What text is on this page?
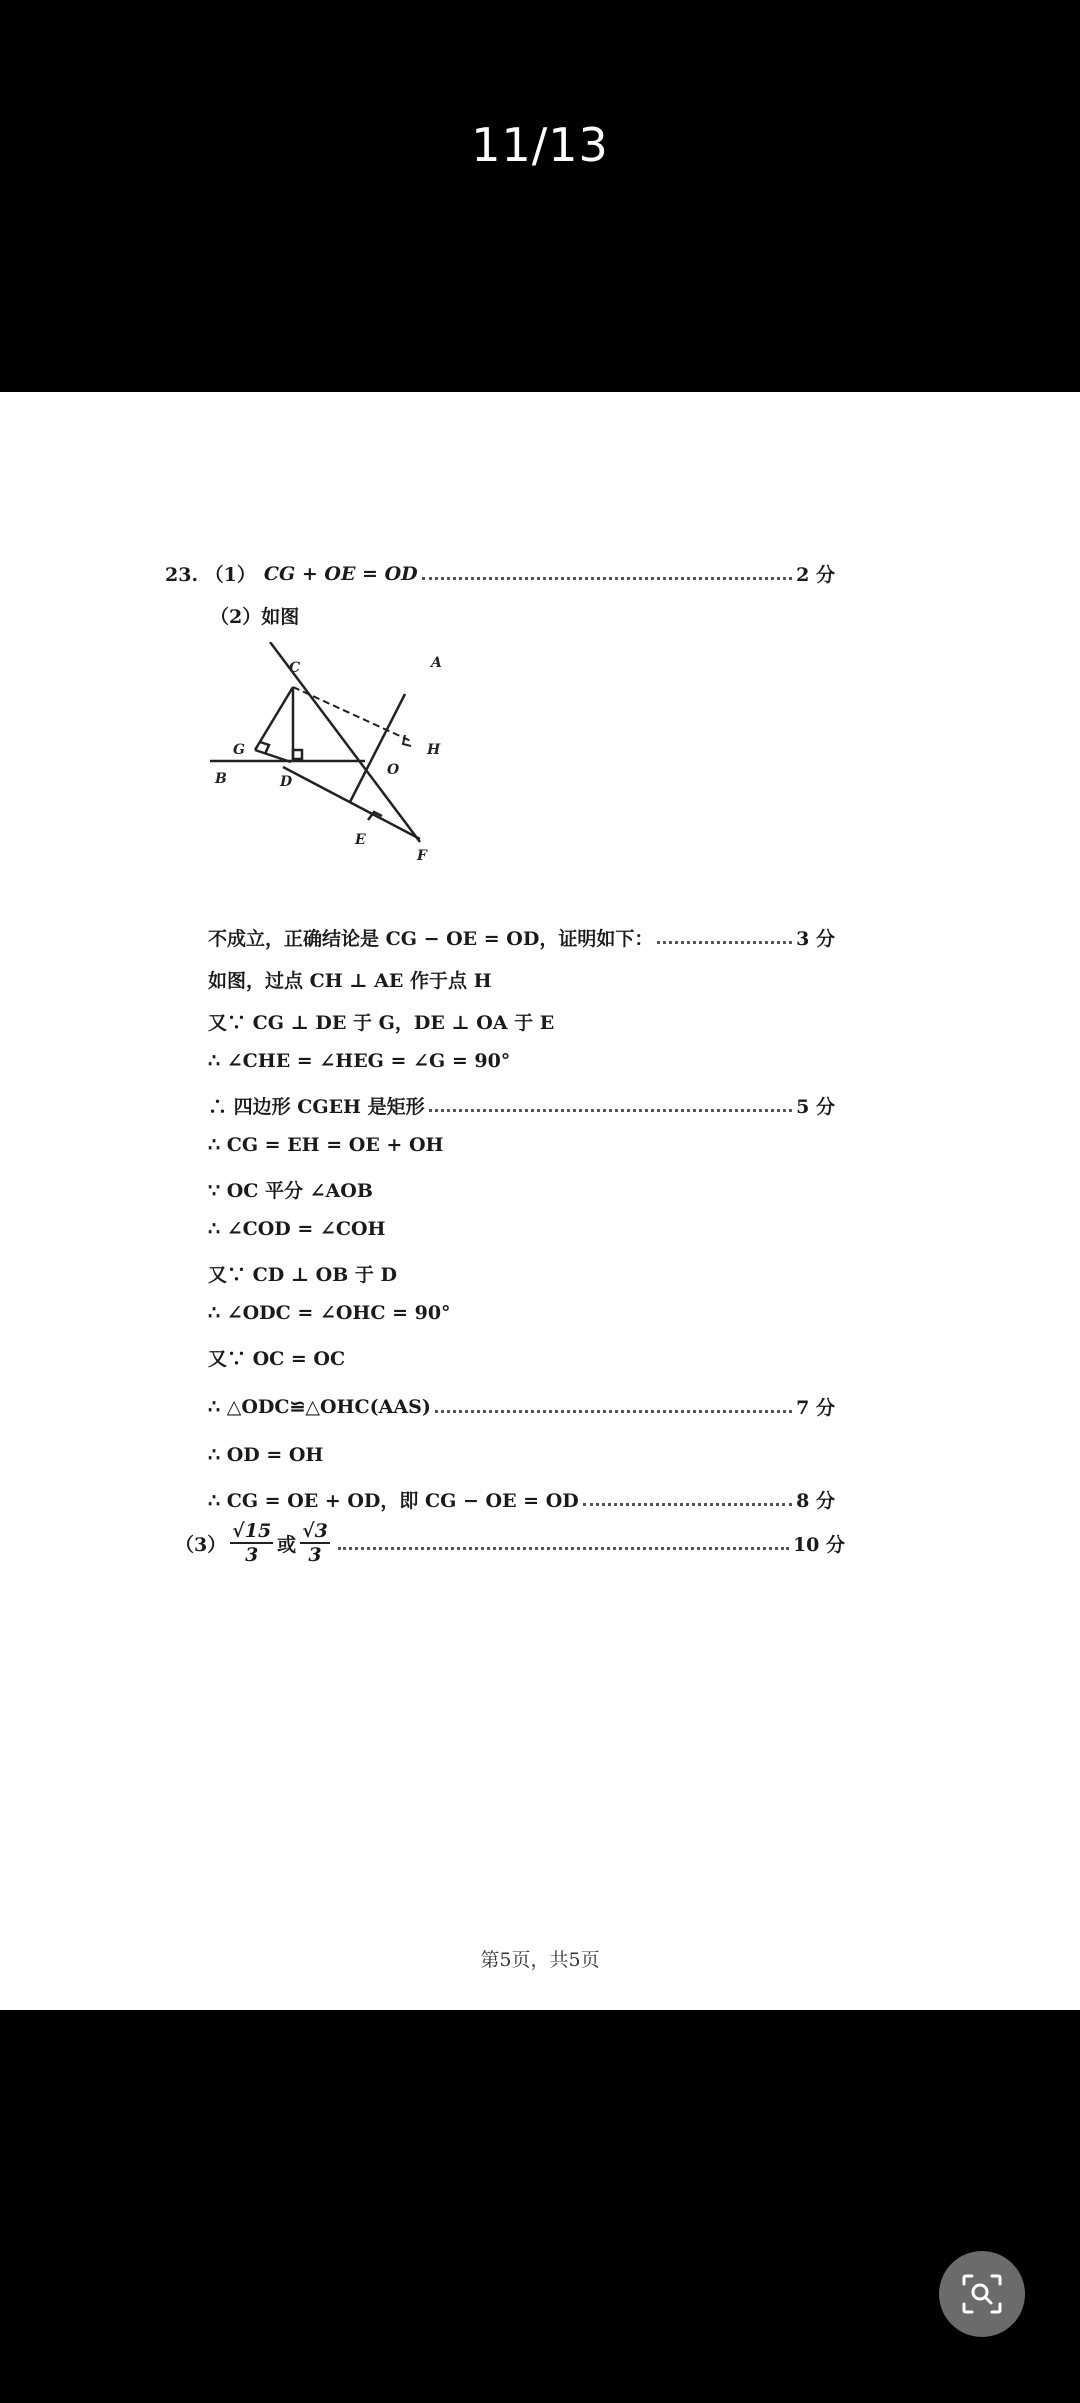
11/13
23. （1） CG + OE = OD	2 分
（2）如图
C	A
H
G
B	D
O
E
F
不成立，正确结论是 CG − OE = OD，证明如下：	3 分
如图，过点 CH ⊥ AE 作于点 H
又∵ CG ⊥ DE 于 G，DE ⊥ OA 于 E
∴ ∠CHE = ∠HEG = ∠G = 90°
∴ 四边形 CGEH 是矩形	5 分
∴ CG = EH = OE + OH
∵ OC 平分 ∠AOB
∴ ∠COD = ∠COH
又∵ CD ⊥ OB 于 D
∴ ∠ODC = ∠OHC = 90°
又∵ OC = OC
∴ △ODC≌△OHC(AAS)	7 分
∴ OD = OH
∴ CG = OE + OD，即 CG − OE = OD	8 分
$(3) \frac{√15}{3}$ 或 $\frac{√3}{3}$	10 分
第5页，共5页
